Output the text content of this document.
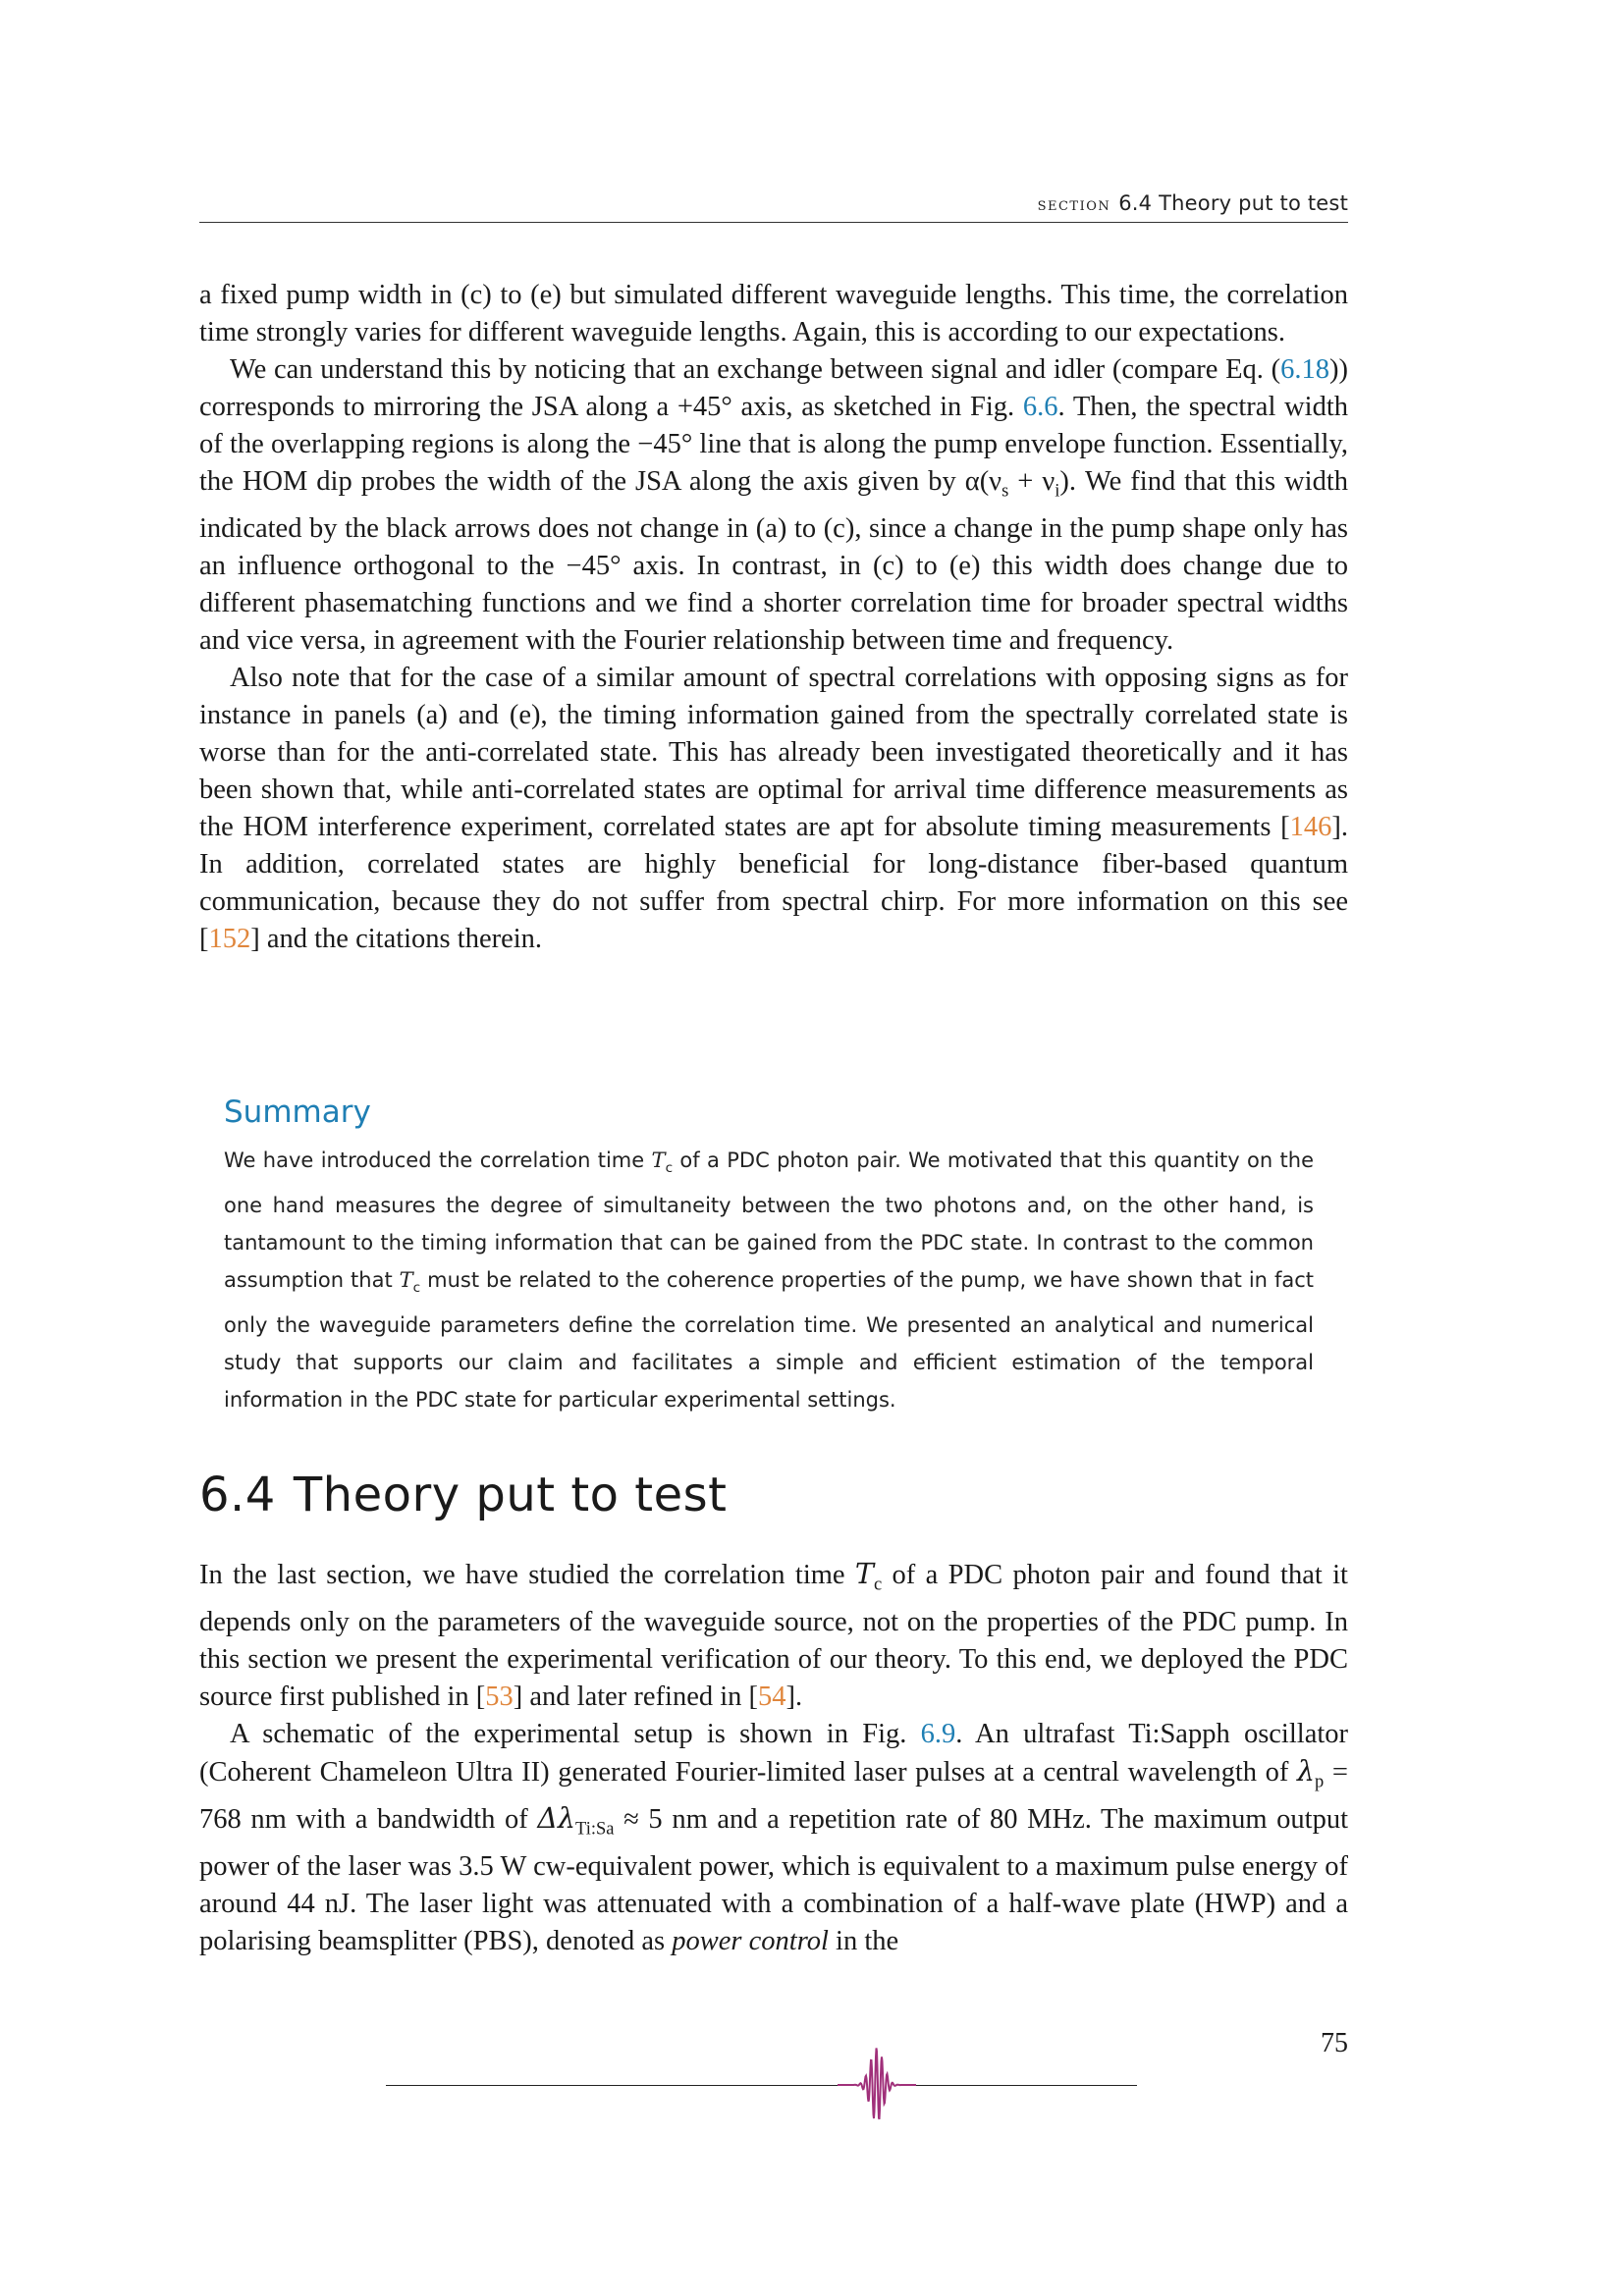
section 6.4 Theory put to test

a fixed pump width in (c) to (e) but simulated different waveguide lengths. This time, the correlation time strongly varies for different waveguide lengths. Again, this is according to our expectations.

We can understand this by noticing that an exchange between signal and idler (compare Eq. (6.18)) corresponds to mirroring the JSA along a +45° axis, as sketched in Fig. 6.6. Then, the spectral width of the overlapping regions is along the −45° line that is along the pump envelope function. Essentially, the HOM dip probes the width of the JSA along the axis given by $\alpha(\nu_s + \nu_i)$. We find that this width indicated by the black arrows does not change in (a) to (c), since a change in the pump shape only has an influence orthogonal to the −45° axis. In contrast, in (c) to (e) this width does change due to different phasematching functions and we find a shorter correlation time for broader spectral widths and vice versa, in agreement with the Fourier relationship between time and frequency.

Also note that for the case of a similar amount of spectral correlations with opposing signs as for instance in panels (a) and (e), the timing information gained from the spectrally correlated state is worse than for the anti-correlated state. This has already been investigated theoretically and it has been shown that, while anti-correlated states are optimal for arrival time difference measurements as the HOM interference experiment, correlated states are apt for absolute timing measurements [146]. In addition, correlated states are highly beneficial for long-distance fiber-based quantum communication, because they do not suffer from spectral chirp. For more information on this see [152] and the citations therein.

Summary

We have introduced the correlation time $T_c$ of a PDC photon pair. We motivated that this quantity on the one hand measures the degree of simultaneity between the two photons and, on the other hand, is tantamount to the timing information that can be gained from the PDC state. In contrast to the common assumption that $T_c$ must be related to the coherence properties of the pump, we have shown that in fact only the waveguide parameters define the correlation time. We presented an analytical and numerical study that supports our claim and facilitates a simple and efficient estimation of the temporal information in the PDC state for particular experimental settings.

6.4 Theory put to test

In the last section, we have studied the correlation time $T_c$ of a PDC photon pair and found that it depends only on the parameters of the waveguide source, not on the properties of the PDC pump. In this section we present the experimental verification of our theory. To this end, we deployed the PDC source first published in [53] and later refined in [54].

A schematic of the experimental setup is shown in Fig. 6.9. An ultrafast Ti:Sapph oscillator (Coherent Chameleon Ultra II) generated Fourier-limited laser pulses at a central wavelength of $\lambda_p = 768$ nm with a bandwidth of $\Delta\lambda_{Ti:Sa} \approx 5$ nm and a repetition rate of 80 MHz. The maximum output power of the laser was 3.5 W cw-equivalent power, which is equivalent to a maximum pulse energy of around 44 nJ. The laser light was attenuated with a combination of a half-wave plate (HWP) and a polarising beamsplitter (PBS), denoted as power control in the

75
